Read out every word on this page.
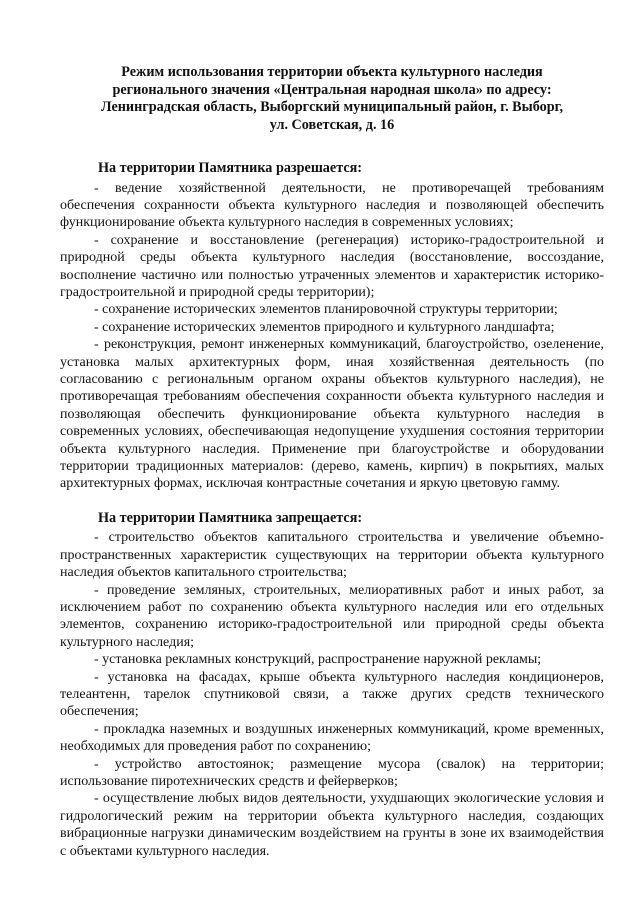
Режим использования территории объекта культурного наследия
регионального значения «Центральная народная школа» по адресу:
Ленинградская область, Выборгский муниципальный район, г. Выборг,
ул. Советская, д. 16

На территории Памятника разрешается:

- ведение хозяйственной деятельности, не противоречащей требованиям обеспечения сохранности объекта культурного наследия и позволяющей обеспечить функционирование объекта культурного наследия в современных условиях;

- сохранение и восстановление (регенерация) историко-градостроительной и природной среды объекта культурного наследия (восстановление, воссоздание, восполнение частично или полностью утраченных элементов и характеристик историко-градостроительной и природной среды территории);

- сохранение исторических элементов планировочной структуры территории;

- сохранение исторических элементов природного и культурного ландшафта;

- реконструкция, ремонт инженерных коммуникаций, благоустройство, озеленение, установка малых архитектурных форм, иная хозяйственная деятельность (по согласованию с региональным органом охраны объектов культурного наследия), не противоречащая требованиям обеспечения сохранности объекта культурного наследия и позволяющая обеспечить функционирование объекта культурного наследия в современных условиях, обеспечивающая недопущение ухудшения состояния территории объекта культурного наследия. Применение при благоустройстве и оборудовании территории традиционных материалов: (дерево, камень, кирпич) в покрытиях, малых архитектурных формах, исключая контрастные сочетания и яркую цветовую гамму.

На территории Памятника запрещается:

- строительство объектов капитального строительства и увеличение объемно-пространственных характеристик существующих на территории объекта культурного наследия объектов капитального строительства;

- проведение земляных, строительных, мелиоративных работ и иных работ, за исключением работ по сохранению объекта культурного наследия или его отдельных элементов, сохранению историко-градостроительной или природной среды объекта культурного наследия;

- установка рекламных конструкций, распространение наружной рекламы;

- установка на фасадах, крыше объекта культурного наследия кондиционеров, телеантенн, тарелок спутниковой связи, а также других средств технического обеспечения;

- прокладка наземных и воздушных инженерных коммуникаций, кроме временных, необходимых для проведения работ по сохранению;

- устройство автостоянок; размещение мусора (свалок) на территории; использование пиротехнических средств и фейерверков;

- осуществление любых видов деятельности, ухудшающих экологические условия и гидрологический режим на территории объекта культурного наследия, создающих вибрационные нагрузки динамическим воздействием на грунты в зоне их взаимодействия с объектами культурного наследия.
